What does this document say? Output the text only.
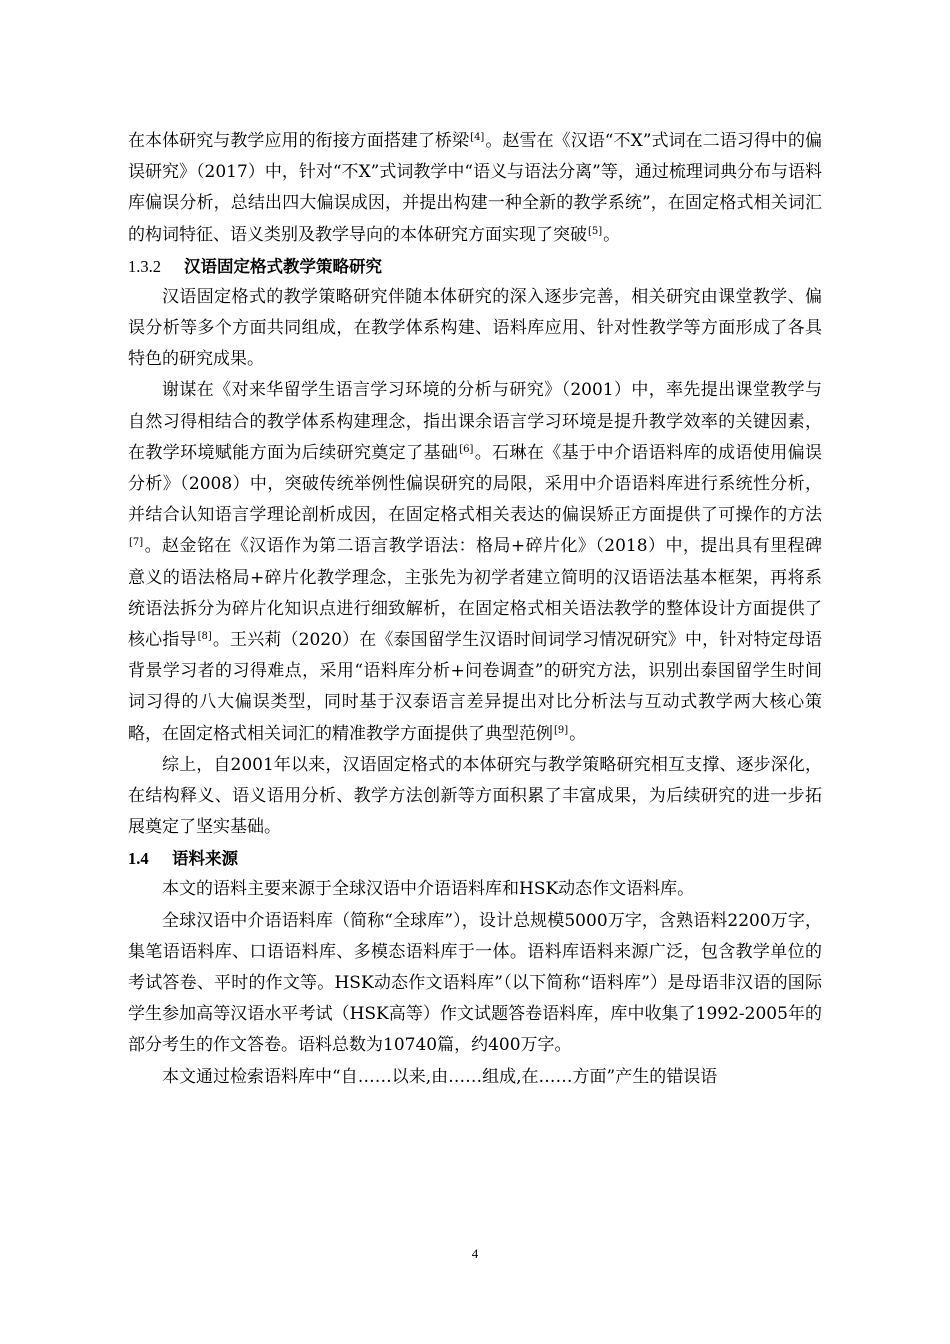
在本体研究与教学应用的衔接方面搭建了桥梁[4]。赵雪在《汉语“不X”式词在二语习得中的偏误研究》（2017）中，针对“不X”式词教学中“语义与语法分离”等，通过梳理词典分布与语料库偏误分析，总结出四大偏误成因，并提出构建一种全新的教学系统”，在固定格式相关词汇的构词特征、语义类别及教学导向的本体研究方面实现了突破[5]。

1.3.2 汉语固定格式教学策略研究

汉语固定格式的教学策略研究伴随本体研究的深入逐步完善，相关研究由课堂教学、偏误分析等多个方面共同组成，在教学体系构建、语料库应用、针对性教学等方面形成了各具特色的研究成果。

谢谋在《对来华留学生语言学习环境的分析与研究》（2001）中，率先提出课堂教学与自然习得相结合的教学体系构建理念，指出课余语言学习环境是提升教学效率的关键因素，在教学环境赋能方面为后续研究奠定了基础[6]。石琳在《基于中介语语料库的成语使用偏误分析》（2008）中，突破传统举例性偏误研究的局限，采用中介语语料库进行系统性分析，并结合认知语言学理论剖析成因，在固定格式相关表达的偏误矫正方面提供了可操作的方法[7]。赵金铭在《汉语作为第二语言教学语法：格局+碎片化》（2018）中，提出具有里程碑意义的语法格局+碎片化教学理念，主张先为初学者建立简明的汉语语法基本框架，再将系统语法拆分为碎片化知识点进行细致解析，在固定格式相关语法教学的整体设计方面提供了核心指导[8]。王兴莉（2020）在《泰国留学生汉语时间词学习情况研究》中，针对特定母语背景学习者的习得难点，采用“语料库分析+问卷调查”的研究方法，识别出泰国留学生时间词习得的八大偏误类型，同时基于汉泰语言差异提出对比分析法与互动式教学两大核心策略，在固定格式相关词汇的精准教学方面提供了典型范例[9]。

综上，自2001年以来，汉语固定格式的本体研究与教学策略研究相互支撑、逐步深化，在结构释义、语义语用分析、教学方法创新等方面积累了丰富成果，为后续研究的进一步拓展奠定了坚实基础。

1.4 语料来源

本文的语料主要来源于全球汉语中介语语料库和HSK动态作文语料库。

全球汉语中介语语料库（简称“全球库”），设计总规模5000万字，含熟语料2200万字，集笔语语料库、口语语料库、多模态语料库于一体。语料库语料来源广泛，包含教学单位的考试答卷、平时的作文等。HSK动态作文语料库”（以下简称“语料库”）是母语非汉语的国际学生参加高等汉语水平考试（HSK高等）作文试题答卷语料库，库中收集了1992-2005年的部分考生的作文答卷。语料总数为10740篇，约400万字。

本文通过检索语料库中“自……以来,由……组成,在……方面”产生的错误语

4
